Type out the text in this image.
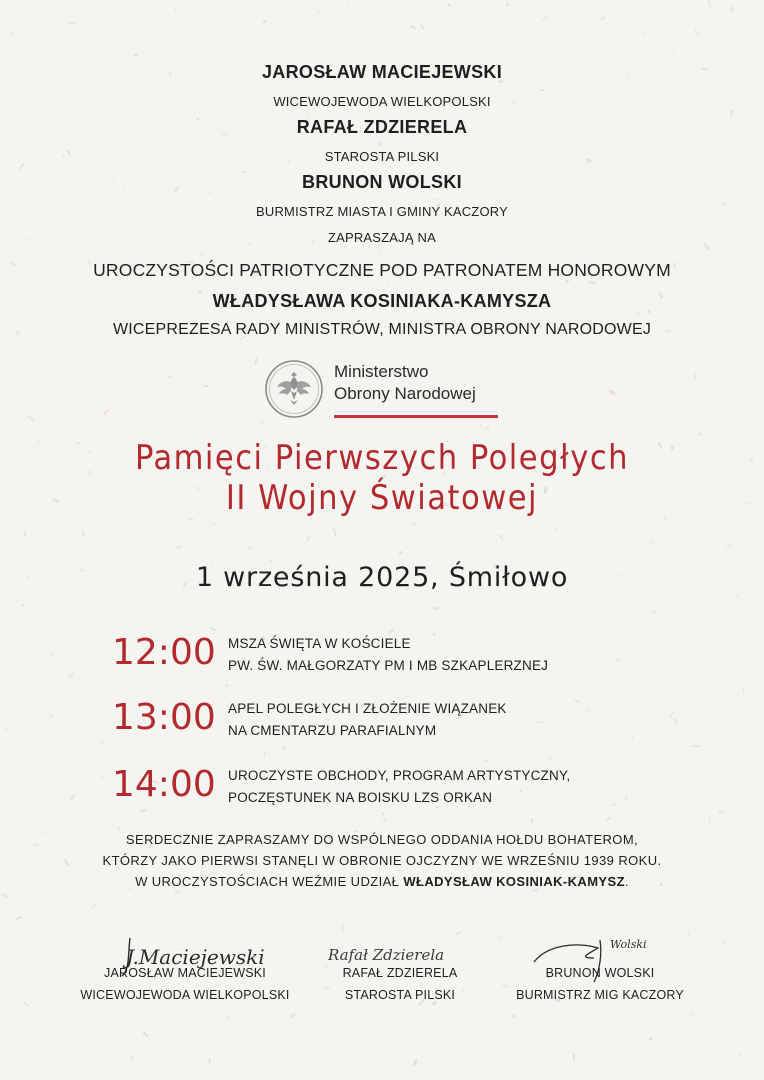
JAROSŁAW MACIEJEWSKI
WICEWOJEWODA WIELKOPOLSKI
RAFAŁ ZDZIERELA
STAROSTA PILSKI
BRUNON WOLSKI
BURMISTRZ MIASTA I GMINY KACZORY
ZAPRASZAJĄ NA
UROCZYSTOŚCI PATRIOTYCZNE POD PATRONATEM HONOROWYM
WŁADYSŁAWA KOSINIAKA-KAMYSZA
WICEPREZESA RADY MINISTRÓW, MINISTRA OBRONY NARODOWEJ
Ministerstwo
Obrony Narodowej
Pamięci Pierwszych Poległych
II Wojny Światowej
1 września 2025, Śmiłowo
12:00 MSZA ŚWIĘTA W KOŚCIELE
PW. ŚW. MAŁGORZATY PM I MB SZKAPLERZNEJ
13:00 APEL POLEGŁYCH I ZŁOŻENIE WIĄZANEK
NA CMENTARZU PARAFIALNYM
14:00 UROCZYSTE OBCHODY, PROGRAM ARTYSTYCZNY,
POCZĘSTUNEK NA BOISKU LZS ORKAN
SERDECZNIE ZAPRASZAMY DO WSPÓLNEGO ODDANIA HOŁDU BOHATEROM,
KTÓRZY JAKO PIERWSI STANĘLI W OBRONIE OJCZYZNY WE WRZEŚNIU 1939 ROKU.
W UROCZYSTOŚCIACH WEŹMIE UDZIAŁ WŁADYSŁAW KOSINIAK-KAMYSZ.
J.Maciejewski	Rafał Zdzierela
Wolski
JAROSŁAW MACIEJEWSKI
WICEWOJEWODA WIELKOPOLSKI
RAFAŁ ZDZIERELA
STAROSTA PILSKI
BRUNON WOLSKI
BURMISTRZ MIG KACZORY
